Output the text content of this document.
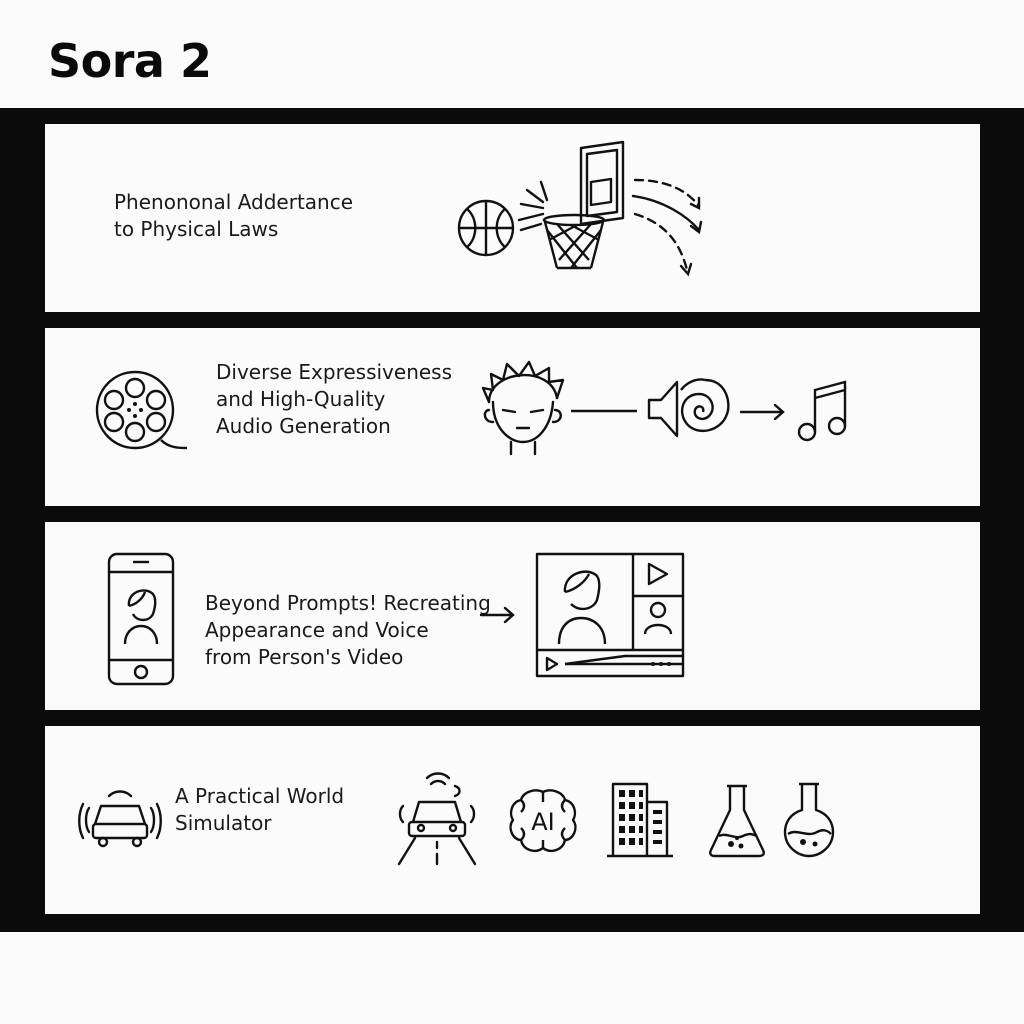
Sora 2
Phenononal Addertance
to Physical Laws
Diverse Expressiveness
and High-Quality
Audio Generation
Beyond Prompts! Recreating
Appearance and Voice
from Person's Video
A Practical World
Simulator	AI
